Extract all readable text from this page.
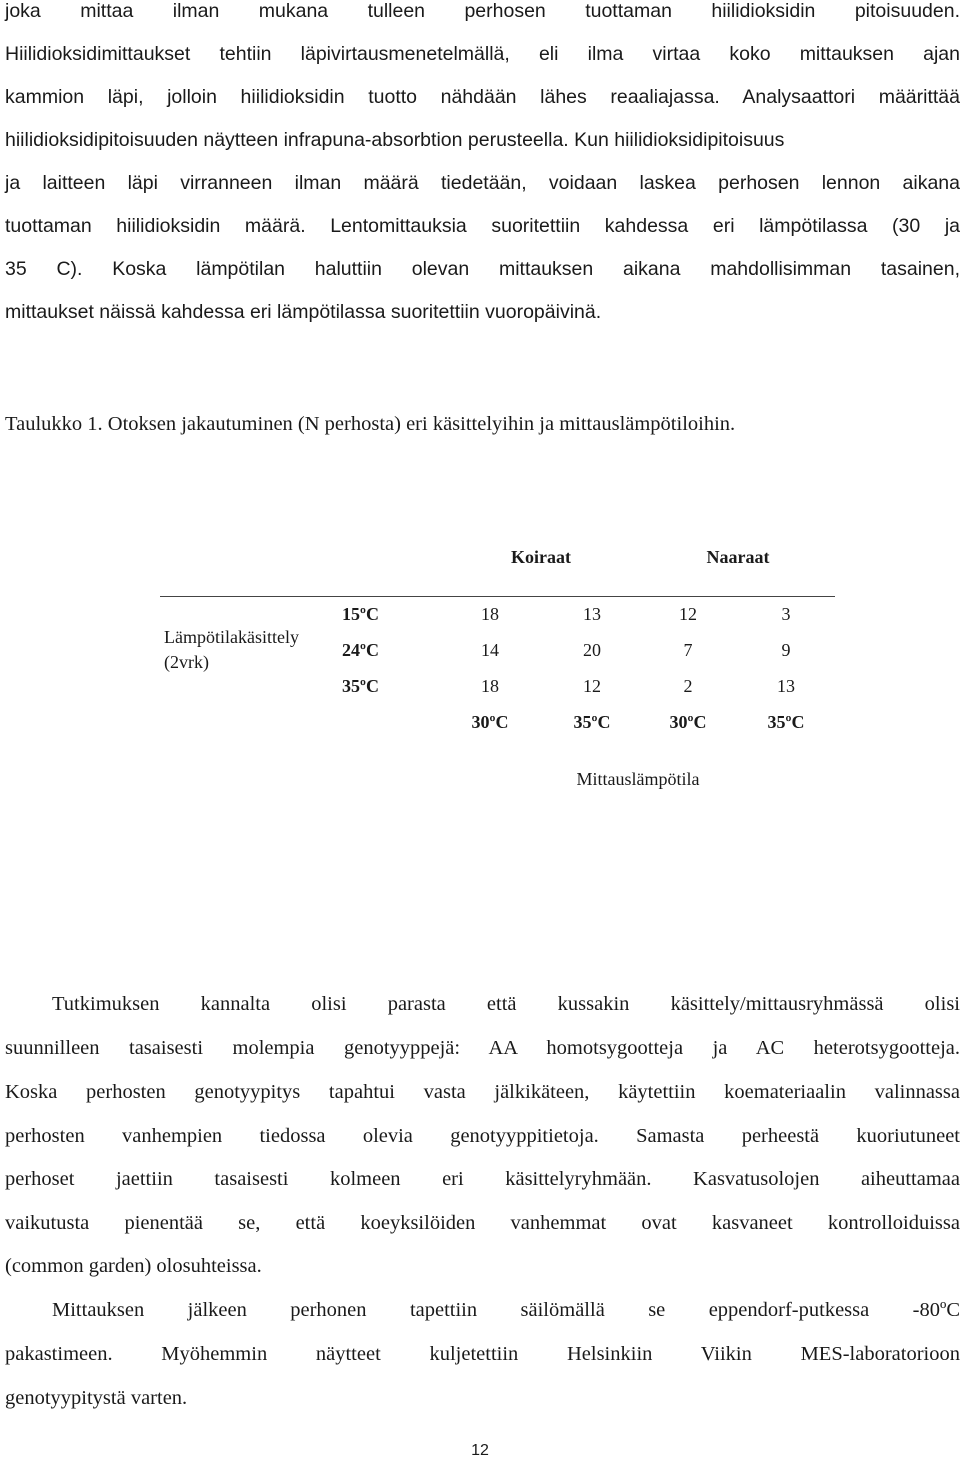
joka mittaa ilman mukana tulleen perhosen tuottaman hiilidioksidin pitoisuuden.

Hiilidioksidimittaukset tehtiin läpivirtausmenetelmällä, eli ilma virtaa koko mittauksen ajan

kammion läpi, jolloin hiilidioksidin tuotto nähdään lähes reaaliajassa. Analysaattori määrittää

hiilidioksidipitoisuuden näytteen infrapuna-absorbtion perusteella. Kun hiilidioksidipitoisuus

ja laitteen läpi virranneen ilman määrä tiedetään, voidaan laskea perhosen lennon aikana

tuottaman hiilidioksidin määrä. Lentomittauksia suoritettiin kahdessa eri lämpötilassa (30 ja

35 C). Koska lämpötilan haluttiin olevan mittauksen aikana mahdollisimman tasainen,

mittaukset näissä kahdessa eri lämpötilassa suoritettiin vuoropäivinä.

Taulukko 1. Otoksen jakautuminen (N perhosta) eri käsittelyihin ja mittauslämpötiloihin.

Koiraat	Naaraat
Lämpötilakäsittely
(2vrk)
15ºC	18	13	12	3
24ºC	14	20	7	9
35ºC	18	12	2	13
30ºC	35ºC	30ºC	35ºC
Mittauslämpötila

Tutkimuksen kannalta olisi parasta että kussakin käsittely/mittausryhmässä olisi

suunnilleen tasaisesti molempia genotyyppejä: AA homotsygootteja ja AC heterotsygootteja.

Koska perhosten genotyypitys tapahtui vasta jälkikäteen, käytettiin koemateriaalin valinnassa

perhosten vanhempien tiedossa olevia genotyyppitietoja. Samasta perheestä kuoriutuneet

perhoset jaettiin tasaisesti kolmeen eri käsittelyryhmään. Kasvatusolojen aiheuttamaa

vaikutusta pienentää se, että koeyksilöiden vanhemmat ovat kasvaneet kontrolloiduissa

(common garden) olosuhteissa.

Mittauksen jälkeen perhonen tapettiin säilömällä se eppendorf-putkessa -80ºC

pakastimeen. Myöhemmin näytteet kuljetettiin Helsinkiin Viikin MES-laboratorioon

genotyypitystä varten.

12
